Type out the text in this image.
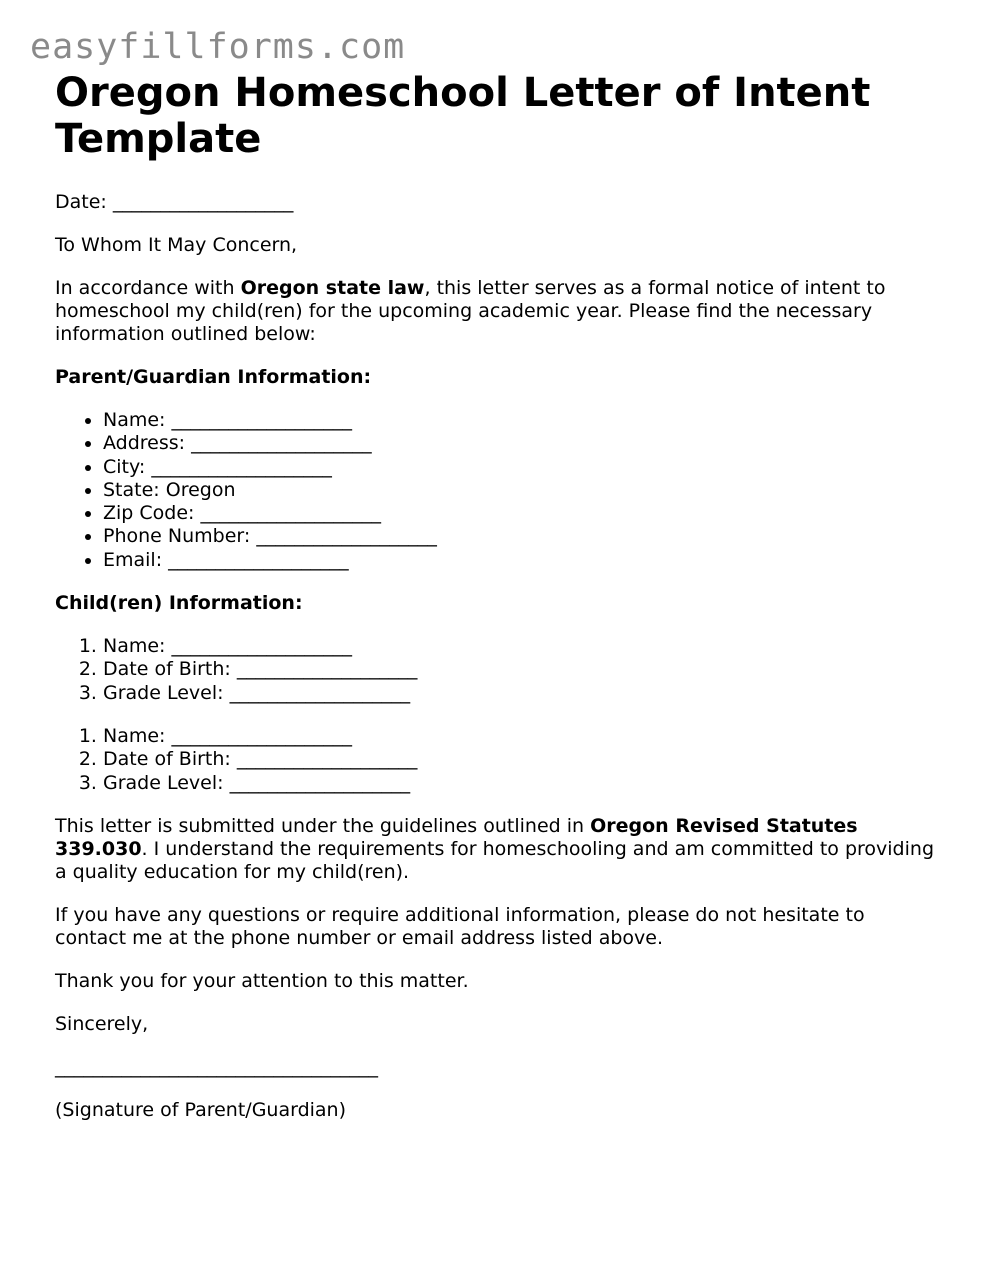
easyfillforms.com
Oregon Homeschool Letter of Intent Template

Date: ___________________

To Whom It May Concern,

In accordance with Oregon state law, this letter serves as a formal notice of intent to homeschool my child(ren) for the upcoming academic year. Please find the necessary information outlined below:

Parent/Guardian Information:

• Name: ___________________
• Address: ___________________
• City: ___________________
• State: Oregon
• Zip Code: ___________________
• Phone Number: ___________________
• Email: ___________________

Child(ren) Information:

1. Name: ___________________
2. Date of Birth: ___________________
3. Grade Level: ___________________
1. Name: ___________________
2. Date of Birth: ___________________
3. Grade Level: ___________________

This letter is submitted under the guidelines outlined in Oregon Revised Statutes 339.030. I understand the requirements for homeschooling and am committed to providing a quality education for my child(ren).

If you have any questions or require additional information, please do not hesitate to contact me at the phone number or email address listed above.

Thank you for your attention to this matter.

Sincerely,

__________________________________

(Signature of Parent/Guardian)
